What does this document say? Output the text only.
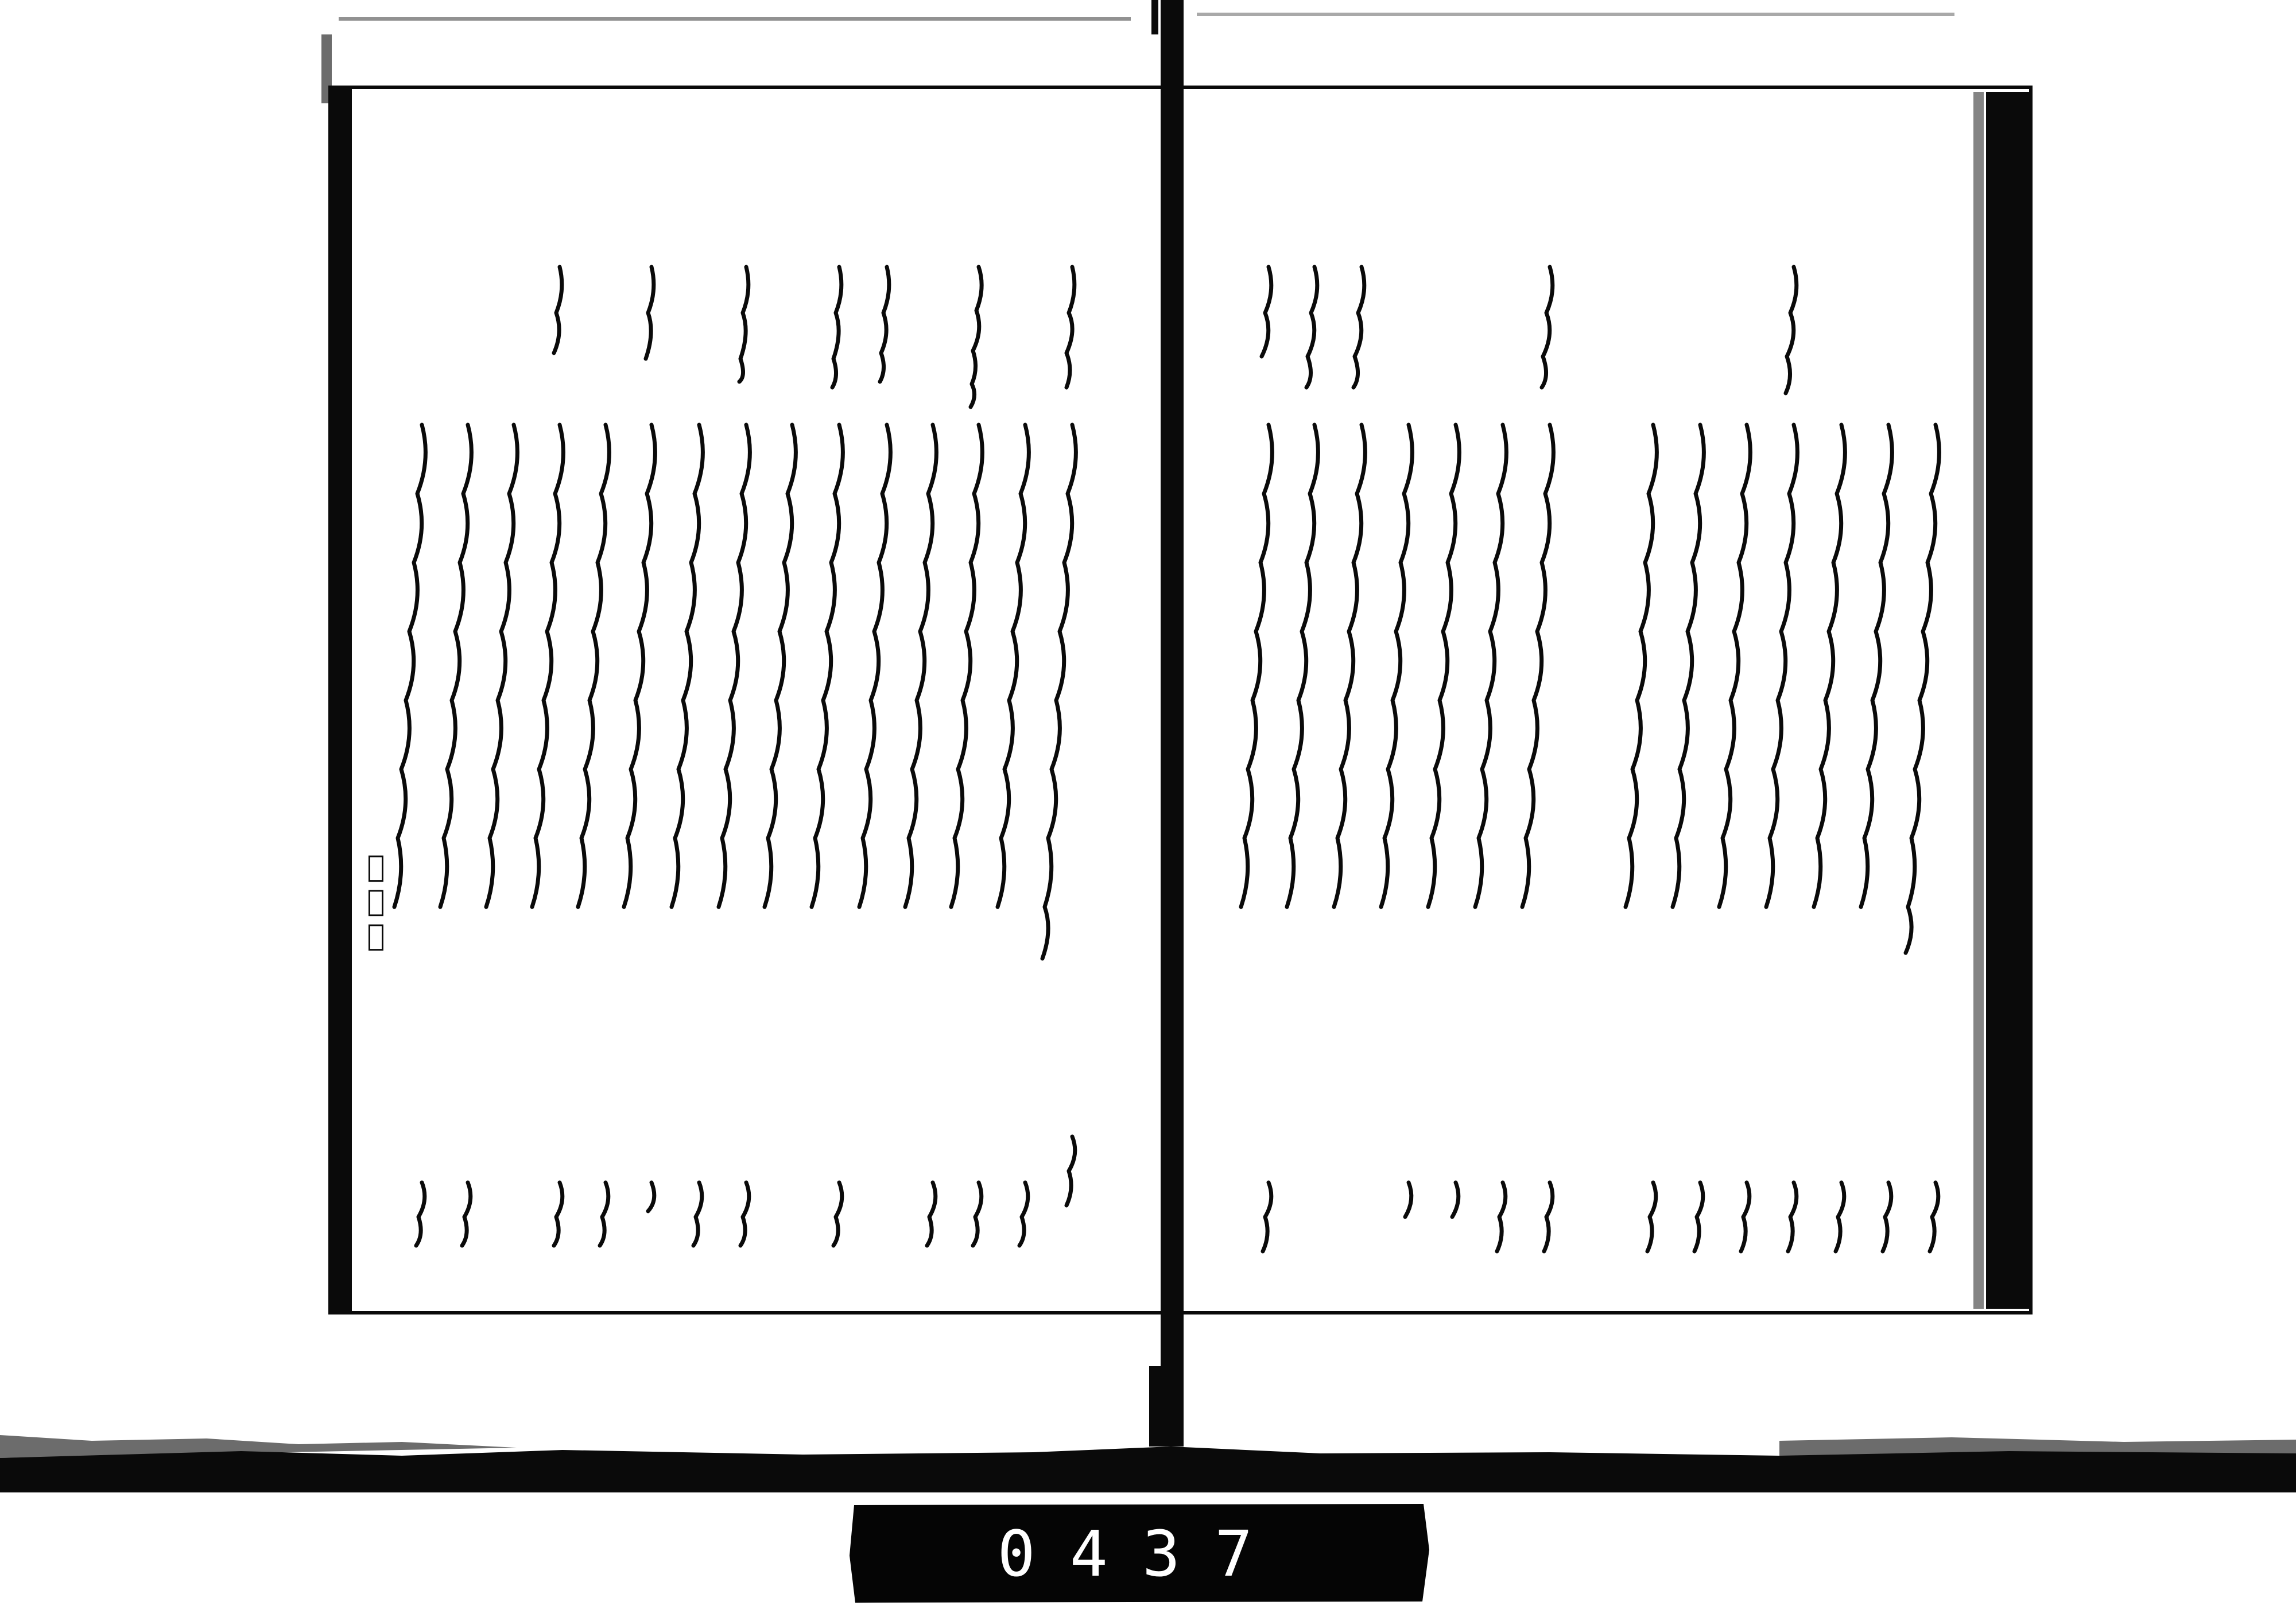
𫂁上七
0437
